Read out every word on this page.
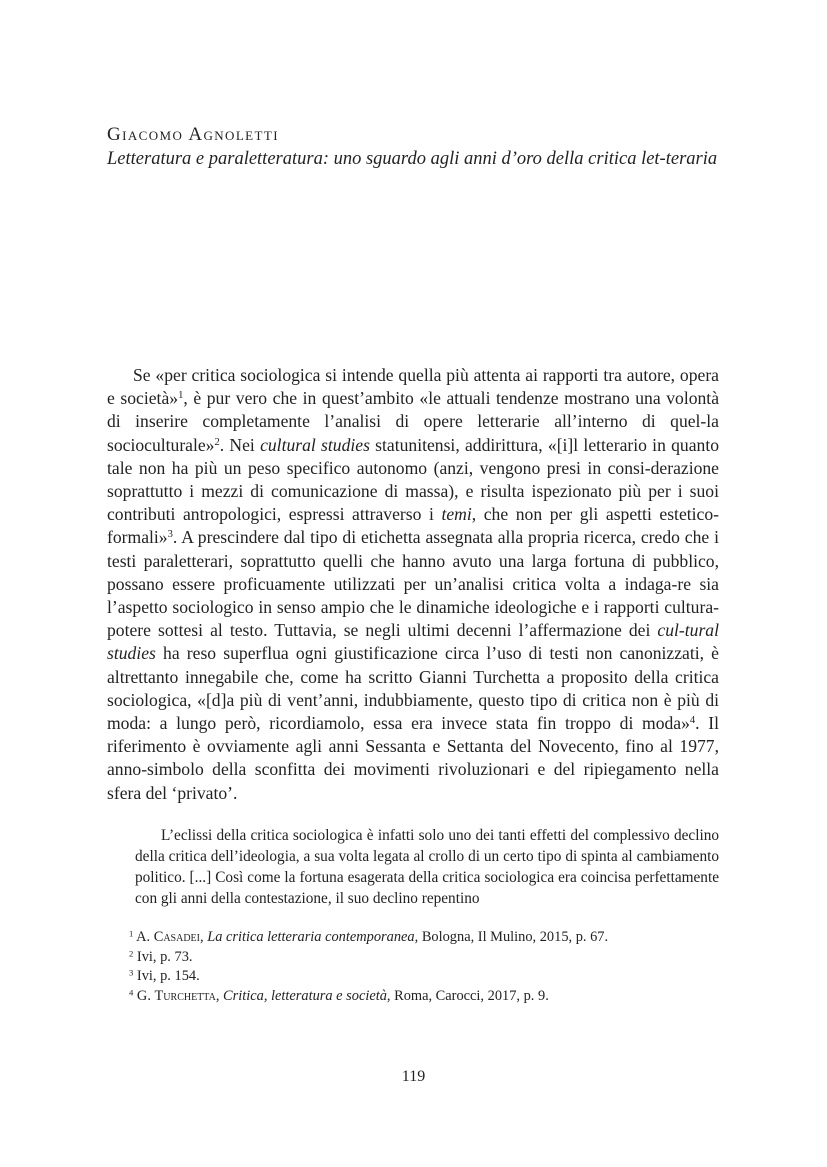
Giacomo Agnoletti
Letteratura e paraletteratura: uno sguardo agli anni d’oro della critica let-teraria

Se «per critica sociologica si intende quella più attenta ai rapporti tra autore, opera e società»$^1$, è pur vero che in quest’ambito «le attuali tendenze mostrano una volontà di inserire completamente l’analisi di opere letterarie all’interno di quel-la socioculturale»$^2$. Nei cultural studies statunitensi, addirittura, «[i]l letterario in quanto tale non ha più un peso specifico autonomo (anzi, vengono presi in consi-derazione soprattutto i mezzi di comunicazione di massa), e risulta ispezionato più per i suoi contributi antropologici, espressi attraverso i temi, che non per gli aspetti estetico-formali»$^3$. A prescindere dal tipo di etichetta assegnata alla propria ricerca, credo che i testi paraletterari, soprattutto quelli che hanno avuto una larga fortuna di pubblico, possano essere proficuamente utilizzati per un’analisi critica volta a indaga-re sia l’aspetto sociologico in senso ampio che le dinamiche ideologiche e i rapporti cultura-potere sottesi al testo. Tuttavia, se negli ultimi decenni l’affermazione dei cul-tural studies ha reso superflua ogni giustificazione circa l’uso di testi non canonizzati, è altrettanto innegabile che, come ha scritto Gianni Turchetta a proposito della critica sociologica, «[d]a più di vent’anni, indubbiamente, questo tipo di critica non è più di moda: a lungo però, ricordiamolo, essa era invece stata fin troppo di moda»$^4$. Il riferimento è ovviamente agli anni Sessanta e Settanta del Novecento, fino al 1977, anno-simbolo della sconfitta dei movimenti rivoluzionari e del ripiegamento nella sfera del ‘privato’.

L’eclissi della critica sociologica è infatti solo uno dei tanti effetti del complessivo declino della critica dell’ideologia, a sua volta legata al crollo di un certo tipo di spinta al cambiamento politico. [...] Così come la fortuna esagerata della critica sociologica era coincisa perfettamente con gli anni della contestazione, il suo declino repentino

$^1$ A. Casadei, La critica letteraria contemporanea, Bologna, Il Mulino, 2015, p. 67.
$^2$ Ivi, p. 73.
$^3$ Ivi, p. 154.
$^4$ G. Turchetta, Critica, letteratura e società, Roma, Carocci, 2017, p. 9.
119
